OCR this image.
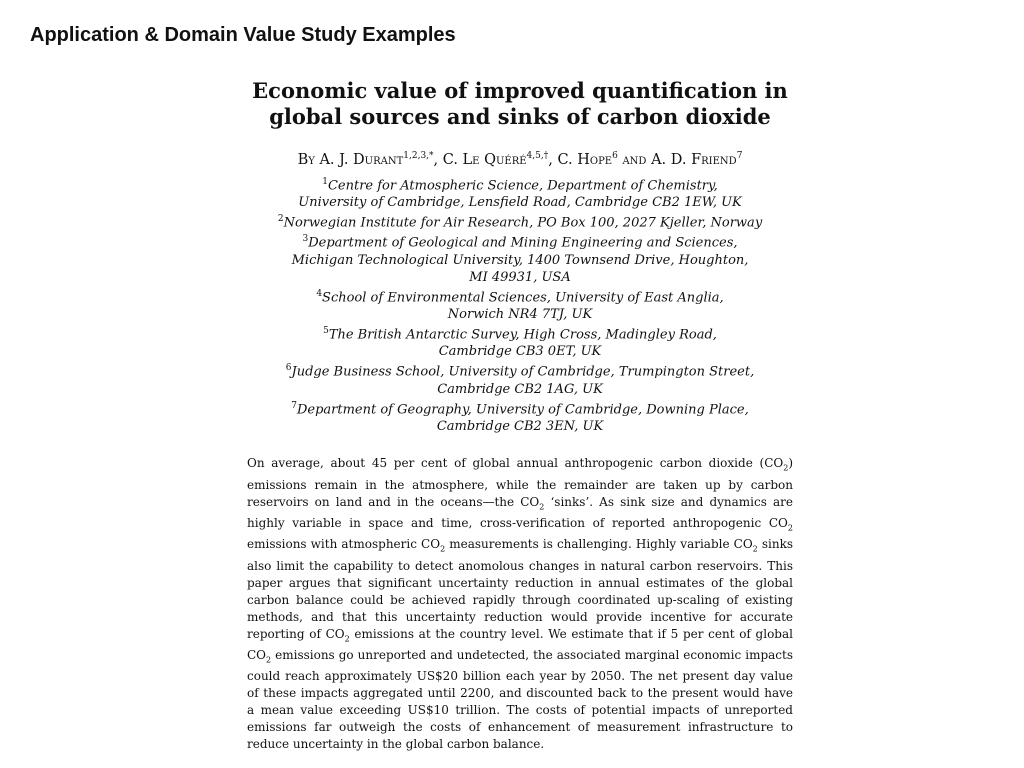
Application & Domain Value Study Examples
Economic value of improved quantification in
global sources and sinks of carbon dioxide

By A. J. Durant$^{1,2,3,*}$, C. Le Quéré$^{4,5,\dagger}$, C. Hope$^6$ and A. D. Friend$^7$

$^1$Centre for Atmospheric Science, Department of Chemistry,
University of Cambridge, Lensfield Road, Cambridge CB2 1EW, UK
$^2$Norwegian Institute for Air Research, PO Box 100, 2027 Kjeller, Norway
$^3$Department of Geological and Mining Engineering and Sciences,
Michigan Technological University, 1400 Townsend Drive, Houghton,
MI 49931, USA
$^4$School of Environmental Sciences, University of East Anglia,
Norwich NR4 7TJ, UK
$^5$The British Antarctic Survey, High Cross, Madingley Road,
Cambridge CB3 0ET, UK
$^6$Judge Business School, University of Cambridge, Trumpington Street,
Cambridge CB2 1AG, UK
$^7$Department of Geography, University of Cambridge, Downing Place,
Cambridge CB2 3EN, UK

On average, about 45 per cent of global annual anthropogenic carbon dioxide $(CO_2)$ emissions remain in the atmosphere, while the remainder are taken up by carbon reservoirs on land and in the oceans—the $CO_2$ ‘sinks’. As sink size and dynamics are highly variable in space and time, cross-verification of reported anthropogenic $CO_2$ emissions with atmospheric $CO_2$ measurements is challenging. Highly variable $CO_2$ sinks also limit the capability to detect anomolous changes in natural carbon reservoirs. This paper argues that significant uncertainty reduction in annual estimates of the global carbon balance could be achieved rapidly through coordinated up-scaling of existing methods, and that this uncertainty reduction would provide incentive for accurate reporting of $CO_2$ emissions at the country level. We estimate that if 5 per cent of global $CO_2$ emissions go unreported and undetected, the associated marginal economic impacts could reach approximately US$20 billion each year by 2050. The net present day value of these impacts aggregated until 2200, and discounted back to the present would have a mean value exceeding US$10 trillion. The costs of potential impacts of unreported emissions far outweigh the costs of enhancement of measurement infrastructure to reduce uncertainty in the global carbon balance.
